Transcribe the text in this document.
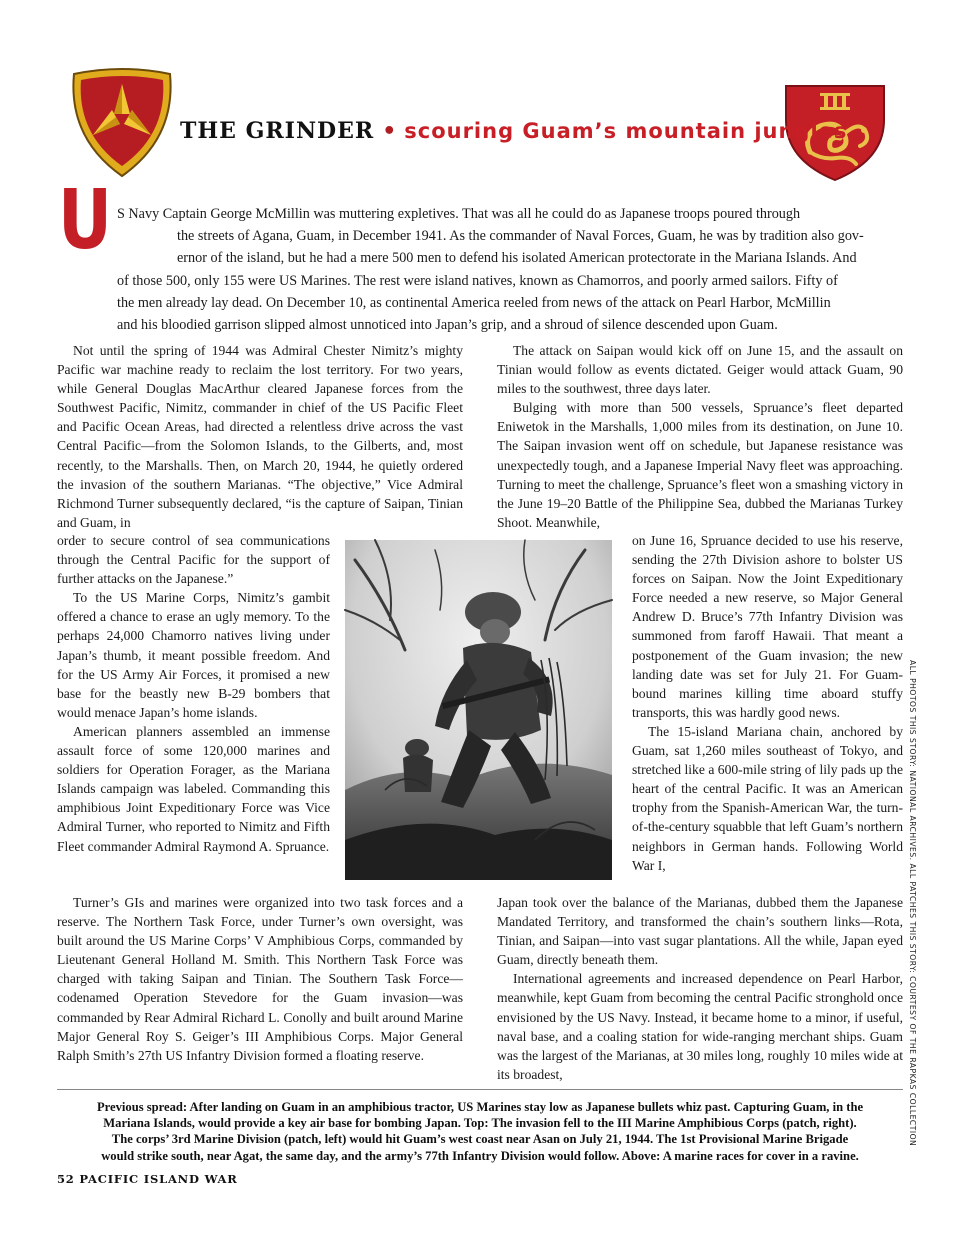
THE GRINDER • scouring Guam’s mountain jungles
U S Navy Captain George McMillin was muttering expletives. That was all he could do as Japanese troops poured through
the streets of Agana, Guam, in December 1941. As the commander of Naval Forces, Guam, he was by tradition also gov-
ernor of the island, but he had a mere 500 men to defend his isolated American protectorate in the Mariana Islands. And
of those 500, only 155 were US Marines. The rest were island natives, known as Chamorros, and poorly armed sailors. Fifty of
the men already lay dead. On December 10, as continental America reeled from news of the attack on Pearl Harbor, McMillin
and his bloodied garrison slipped almost unnoticed into Japan’s grip, and a shroud of silence descended upon Guam.

Not until the spring of 1944 was Admiral Chester Nimitz’s mighty Pacific war machine ready to reclaim the lost territory. For two years, while General Douglas MacArthur cleared Japanese forces from the Southwest Pacific, Nimitz, commander in chief of the US Pacific Fleet and Pacific Ocean Areas, had directed a relentless drive across the vast Central Pacific—from the Solomon Islands, to the Gilberts, and, most recently, to the Marshalls. Then, on March 20, 1944, he quietly ordered the invasion of the southern Marianas. “The objective,” Vice Admiral Richmond Turner subsequently declared, “is the capture of Saipan, Tinian and Guam, in

order to secure control of sea communications through the Central Pacific for the support of further attacks on the Japanese.”

To the US Marine Corps, Nimitz’s gambit offered a chance to erase an ugly memory. To the perhaps 24,000 Chamorro natives living under Japan’s thumb, it meant possible freedom. And for the US Army Air Forces, it promised a new base for the beastly new B-29 bombers that would menace Japan’s home islands.

American planners assembled an immense assault force of some 120,000 marines and soldiers for Operation Forager, as the Mariana Islands campaign was labeled. Commanding this amphibious Joint Expeditionary Force was Vice Admiral Turner, who reported to Nimitz and Fifth Fleet commander Admiral Raymond A. Spruance.

Turner’s GIs and marines were organized into two task forces and a reserve. The Northern Task Force, under Turner’s own oversight, was built around the US Marine Corps’ V Amphibious Corps, commanded by Lieutenant General Holland M. Smith. This Northern Task Force was charged with taking Saipan and Tinian. The Southern Task Force—codenamed Operation Stevedore for the Guam invasion—was commanded by Rear Admiral Richard L. Conolly and built around Marine Major General Roy S. Geiger’s III Amphibious Corps. Major General Ralph Smith’s 27th US Infantry Division formed a floating reserve.

The attack on Saipan would kick off on June 15, and the assault on Tinian would follow as events dictated. Geiger would attack Guam, 90 miles to the southwest, three days later.

Bulging with more than 500 vessels, Spruance’s fleet departed Eniwetok in the Marshalls, 1,000 miles from its destination, on June 10. The Saipan invasion went off on schedule, but Japanese resistance was unexpectedly tough, and a Japanese Imperial Navy fleet was approaching. Turning to meet the challenge, Spruance’s fleet won a smashing victory in the June 19–20 Battle of the Philippine Sea, dubbed the Marianas Turkey Shoot. Meanwhile,

on June 16, Spruance decided to use his reserve, sending the 27th Division ashore to bolster US forces on Saipan. Now the Joint Expeditionary Force needed a new reserve, so Major General Andrew D. Bruce’s 77th Infantry Division was summoned from faroff Hawaii. That meant a postponement of the Guam invasion; the new landing date was set for July 21. For Guam-bound marines killing time aboard stuffy transports, this was hardly good news.

The 15-island Mariana chain, anchored by Guam, sat 1,260 miles southeast of Tokyo, and stretched like a 600-mile string of lily pads up the heart of the central Pacific. It was an American trophy from the Spanish-American War, the turn-of-the-century squabble that left Guam’s northern neighbors in German hands. Following World War I,

Japan took over the balance of the Marianas, dubbed them the Japanese Mandated Territory, and transformed the chain’s southern links—Rota, Tinian, and Saipan—into vast sugar plantations. All the while, Japan eyed Guam, directly beneath them.

International agreements and increased dependence on Pearl Harbor, meanwhile, kept Guam from becoming the central Pacific stronghold once envisioned by the US Navy. Instead, it became home to a minor, if useful, naval base, and a coaling station for wide-ranging merchant ships. Guam was the largest of the Marianas, at 30 miles long, roughly 10 miles wide at its broadest,	ALL PHOTOS THIS STORY: NATIONAL ARCHIVES. ALL PATCHES THIS STORY: COURTESY OF THE RAPKAS COLLECTION
Previous spread: After landing on Guam in an amphibious tractor, US Marines stay low as Japanese bullets whiz past. Capturing Guam, in the
Mariana Islands, would provide a key air base for bombing Japan. Top: The invasion fell to the III Marine Amphibious Corps (patch, right).
The corps’ 3rd Marine Division (patch, left) would hit Guam’s west coast near Asan on July 21, 1944. The 1st Provisional Marine Brigade
would strike south, near Agat, the same day, and the army’s 77th Infantry Division would follow. Above: A marine races for cover in a ravine.
52 PACIFIC ISLAND WAR
